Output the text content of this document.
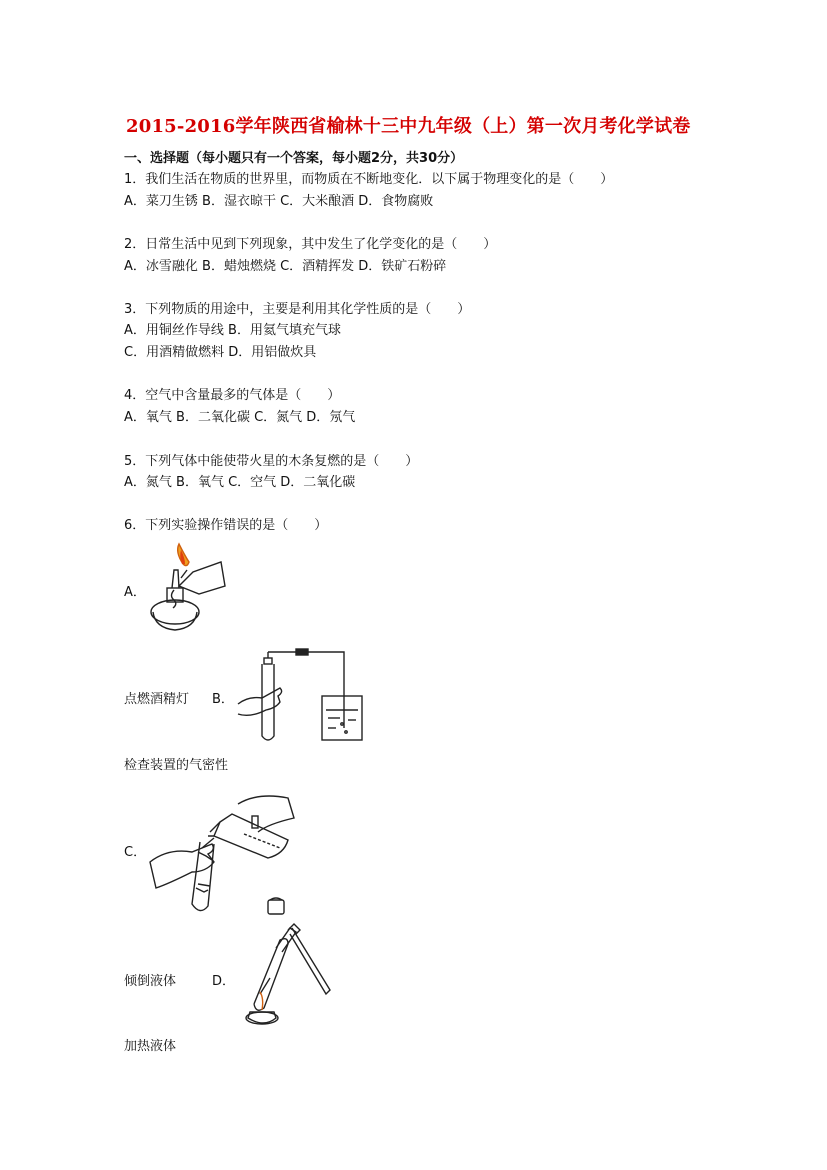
2015-2016学年陕西省榆林十三中九年级（上）第一次月考化学试卷
一、选择题（每小题只有一个答案，每小题2分，共30分）
1．我们生活在物质的世界里，而物质在不断地变化．以下属于物理变化的是（　　）
A．菜刀生锈 B．湿衣晾干 C．大米酿酒 D．食物腐败
2．日常生活中见到下列现象，其中发生了化学变化的是（　　）
A．冰雪融化 B．蜡烛燃烧 C．酒精挥发 D．铁矿石粉碎
3．下列物质的用途中，主要是利用其化学性质的是（　　）
A．用铜丝作导线 B．用氦气填充气球
C．用酒精做燃料 D．用铝做炊具
4．空气中含量最多的气体是（　　）
A．氧气 B．二氧化碳 C．氮气 D．氖气
5．下列气体中能使带火星的木条复燃的是（　　）
A．氮气 B．氧气 C．空气 D．二氧化碳
6．下列实验操作错误的是（　　）
A．
点燃酒精灯 B．
检查装置的气密性
C．
倾倒液体	D．
加热液体
